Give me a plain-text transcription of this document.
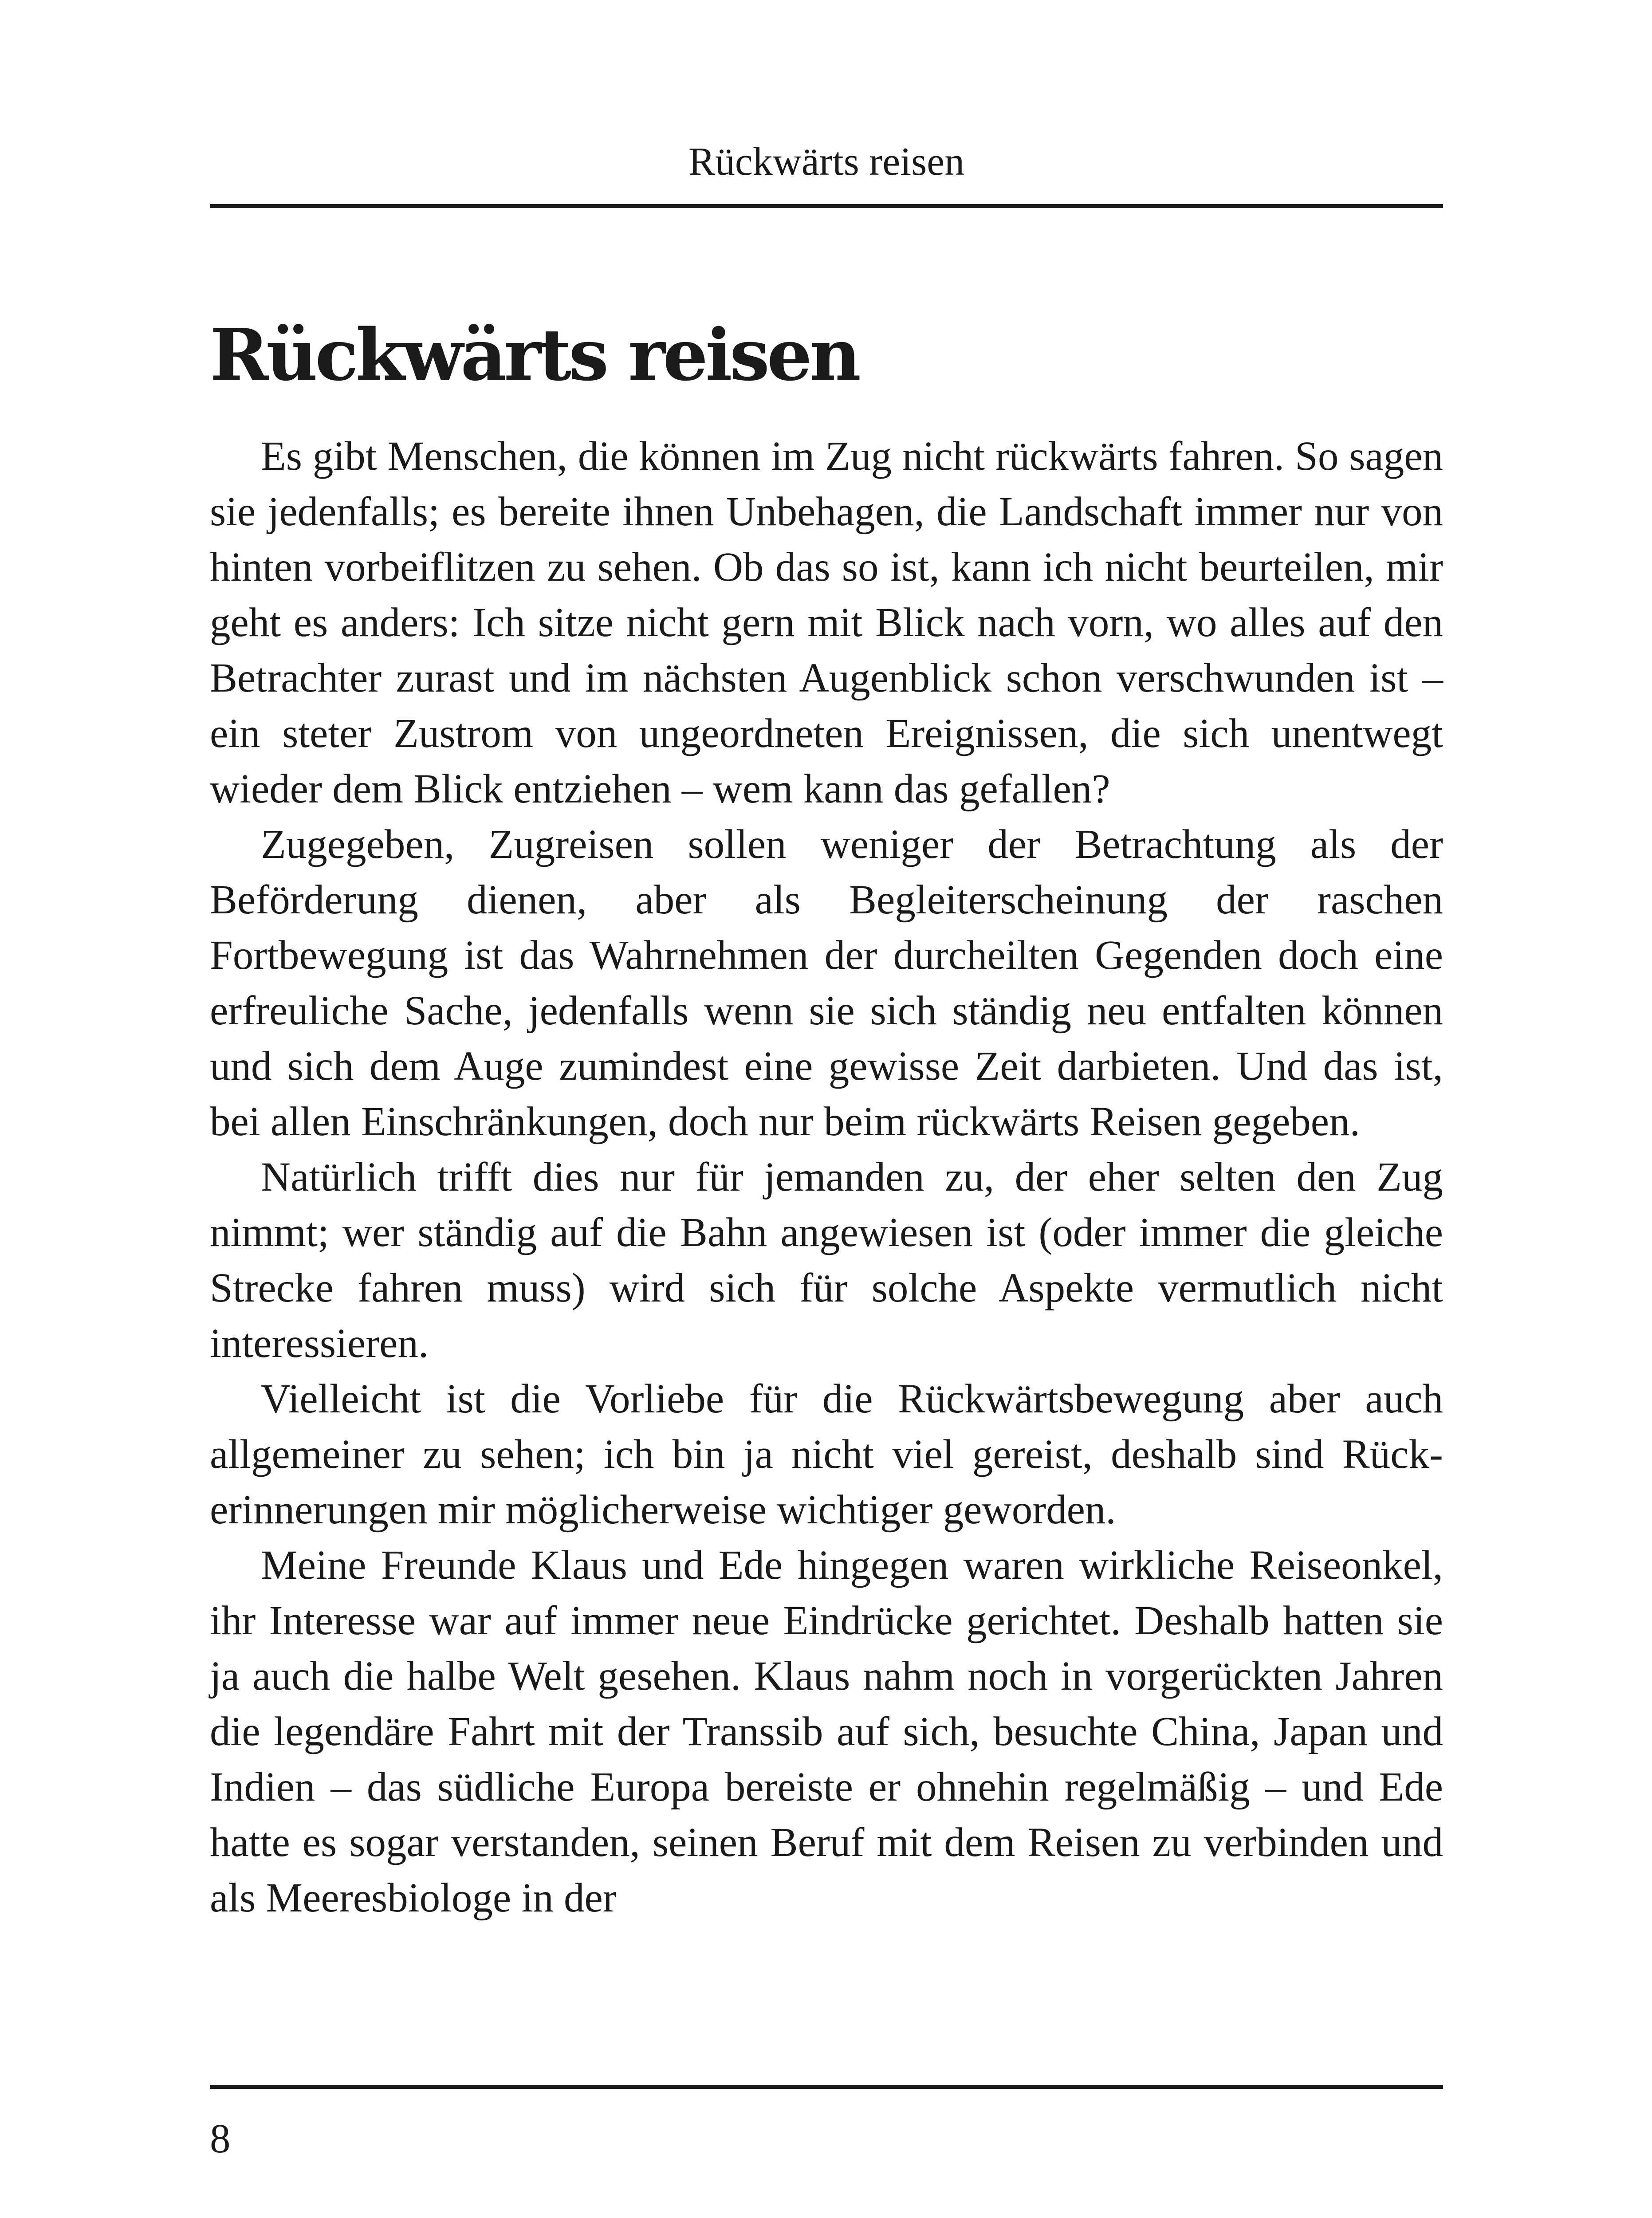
Rückwärts reisen
Rückwärts reisen

Es gibt Menschen, die können im Zug nicht rückwärts fahren. So sagen sie jedenfalls; es bereite ihnen Unbehagen, die Landschaft immer nur von hinten vorbeiflitzen zu sehen. Ob das so ist, kann ich nicht beurteilen, mir geht es anders: Ich sitze nicht gern mit Blick nach vorn, wo alles auf den Betrachter zurast und im nächsten Augenblick schon verschwunden ist – ein steter Zustrom von ungeordneten Ereignissen, die sich unentwegt wieder dem Blick entziehen – wem kann das gefallen?

Zugegeben, Zugreisen sollen weniger der Betrachtung als der Beförderung dienen, aber als Begleiterscheinung der raschen Fortbewegung ist das Wahrnehmen der durcheilten Gegenden doch eine erfreuliche Sache, jedenfalls wenn sie sich ständig neu entfalten können und sich dem Auge zumindest eine gewisse Zeit darbieten. Und das ist, bei allen Einschränkungen, doch nur beim rückwärts Reisen gegeben.

Natürlich trifft dies nur für jemanden zu, der eher selten den Zug nimmt; wer ständig auf die Bahn angewiesen ist (oder immer die gleiche Strecke fahren muss) wird sich für solche Aspekte vermutlich nicht interessieren.

Vielleicht ist die Vorliebe für die Rückwärtsbewegung aber auch allgemeiner zu sehen; ich bin ja nicht viel gereist, deshalb sind Rückerinnerungen mir möglicherweise wichtiger geworden.

Meine Freunde Klaus und Ede hingegen waren wirkliche Reiseonkel, ihr Interesse war auf immer neue Eindrücke gerichtet. Deshalb hatten sie ja auch die halbe Welt gesehen. Klaus nahm noch in vorgerückten Jahren die legendäre Fahrt mit der Transsib auf sich, besuchte China, Japan und Indien – das südliche Europa bereiste er ohnehin regelmäßig – und Ede hatte es sogar verstanden, seinen Beruf mit dem Reisen zu verbinden und als Meeresbiologe in der

8
